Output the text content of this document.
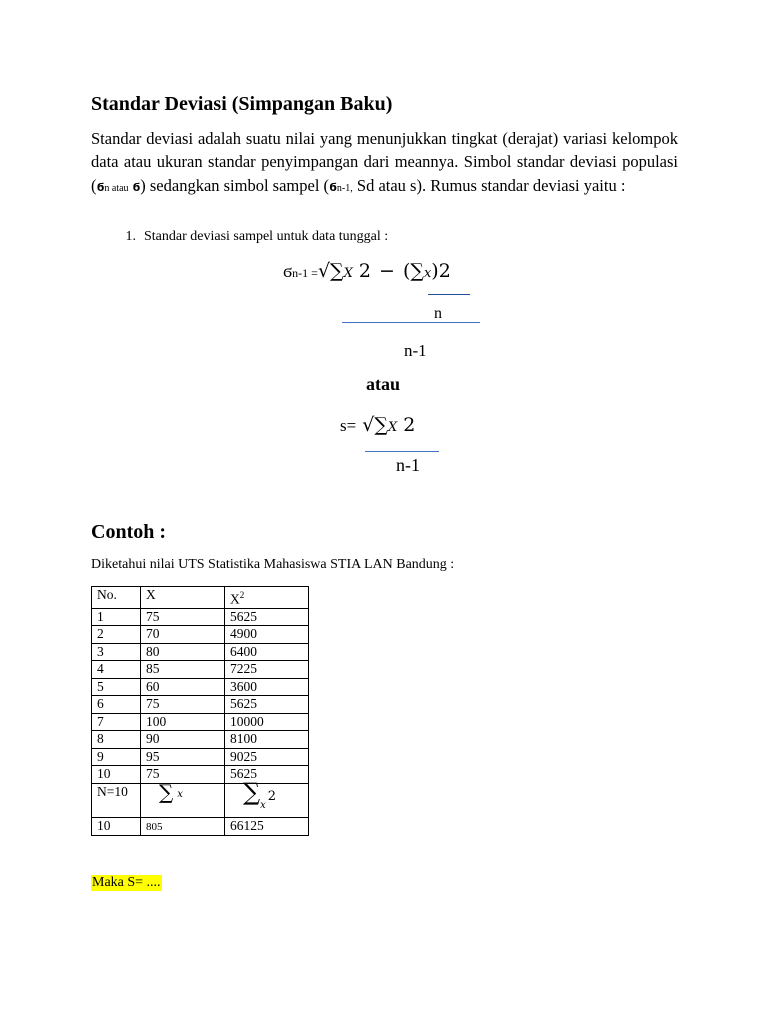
Standar Deviasi (Simpangan Baku)
Standar deviasi adalah suatu nilai yang menunjukkan tingkat (derajat) variasi kelompok data atau ukuran standar penyimpangan dari meannya. Simbol standar deviasi populasi (ϭn atau ϭ) sedangkan simbol sampel (ϭn-1, Sd atau s). Rumus standar deviasi yaitu :
1. Standar deviasi sampel untuk data tunggal :
ϭn-1 =√∑X 2 − (∑x)2
n
n-1
atau
s= √∑X 2
n-1
Contoh :
Diketahui nilai UTS Statistika Mahasiswa STIA LAN Bandung :
No.	X	$X^2$
1	75	5625
2	70	4900
3	80	6400
4	85	7225
5	60	3600
6	75	5625
7	100	10000
8	90	8100
9	95	9025
10	75	5625
N=10	∑ $^x$	$\sum_x2$
10	805	66125
Maka S= ....
